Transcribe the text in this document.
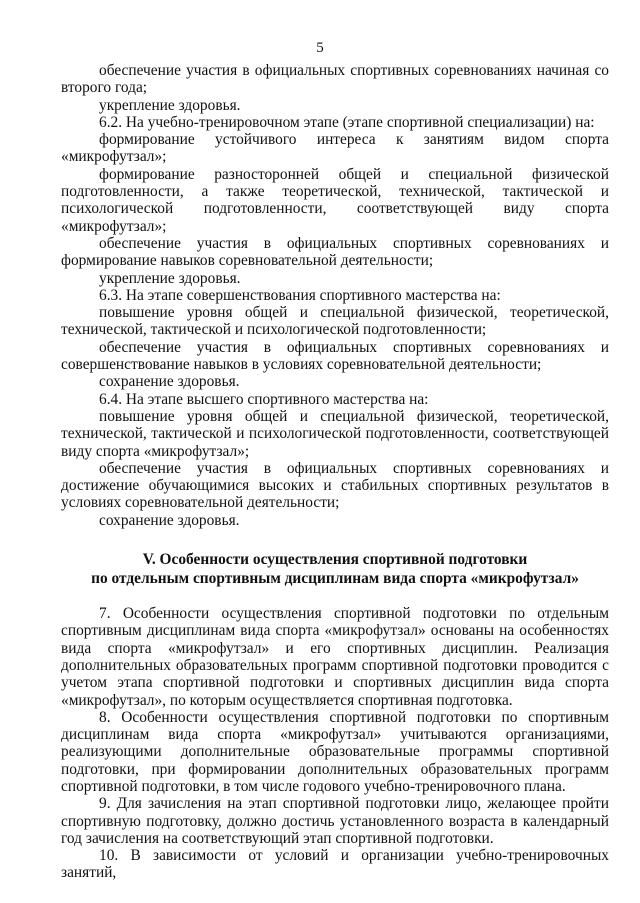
5

обеспечение участия в официальных спортивных соревнованиях начиная со второго года;

укрепление здоровья.

6.2. На учебно-тренировочном этапе (этапе спортивной специализации) на:

формирование устойчивого интереса к занятиям видом спорта «микрофутзал»;

формирование разносторонней общей и специальной физической подготовленности, а также теоретической, технической, тактической и психологической подготовленности, соответствующей виду спорта «микрофутзал»;

обеспечение участия в официальных спортивных соревнованиях и формирование навыков соревновательной деятельности;

укрепление здоровья.

6.3. На этапе совершенствования спортивного мастерства на:

повышение уровня общей и специальной физической, теоретической, технической, тактической и психологической подготовленности;

обеспечение участия в официальных спортивных соревнованиях и совершенствование навыков в условиях соревновательной деятельности;

сохранение здоровья.

6.4. На этапе высшего спортивного мастерства на:

повышение уровня общей и специальной физической, теоретической, технической, тактической и психологической подготовленности, соответствующей виду спорта «микрофутзал»;

обеспечение участия в официальных спортивных соревнованиях и достижение обучающимися высоких и стабильных спортивных результатов в условиях соревновательной деятельности;

сохранение здоровья.

V. Особенности осуществления спортивной подготовки
по отдельным спортивным дисциплинам вида спорта «микрофутзал»

7. Особенности осуществления спортивной подготовки по отдельным спортивным дисциплинам вида спорта «микрофутзал» основаны на особенностях вида спорта «микрофутзал» и его спортивных дисциплин. Реализация дополнительных образовательных программ спортивной подготовки проводится с учетом этапа спортивной подготовки и спортивных дисциплин вида спорта «микрофутзал», по которым осуществляется спортивная подготовка.

8. Особенности осуществления спортивной подготовки по спортивным дисциплинам вида спорта «микрофутзал» учитываются организациями, реализующими дополнительные образовательные программы спортивной подготовки, при формировании дополнительных образовательных программ спортивной подготовки, в том числе годового учебно-тренировочного плана.

9. Для зачисления на этап спортивной подготовки лицо, желающее пройти спортивную подготовку, должно достичь установленного возраста в календарный год зачисления на соответствующий этап спортивной подготовки.

10. В зависимости от условий и организации учебно-тренировочных занятий,
